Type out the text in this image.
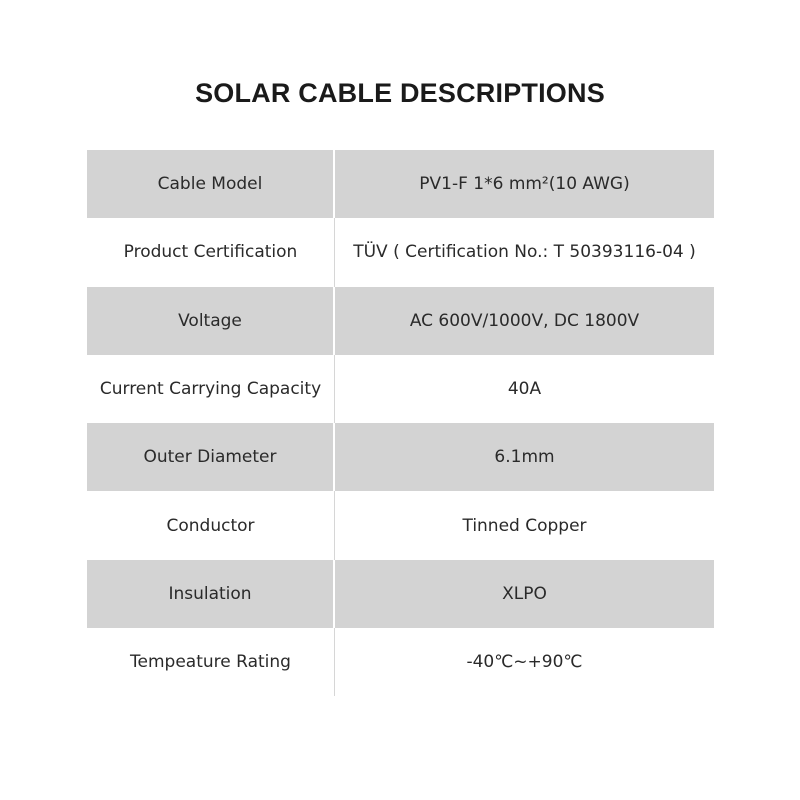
SOLAR CABLE DESCRIPTIONS
Cable Model	PV1-F 1*6 mm²(10 AWG)
Product Certification	TÜV ( Certification No.: T 50393116-04 )
Voltage	AC 600V/1000V, DC 1800V
Current Carrying Capacity	40A
Outer Diameter	6.1mm
Conductor	Tinned Copper
Insulation	XLPO
Tempeature Rating	-40℃~+90℃
